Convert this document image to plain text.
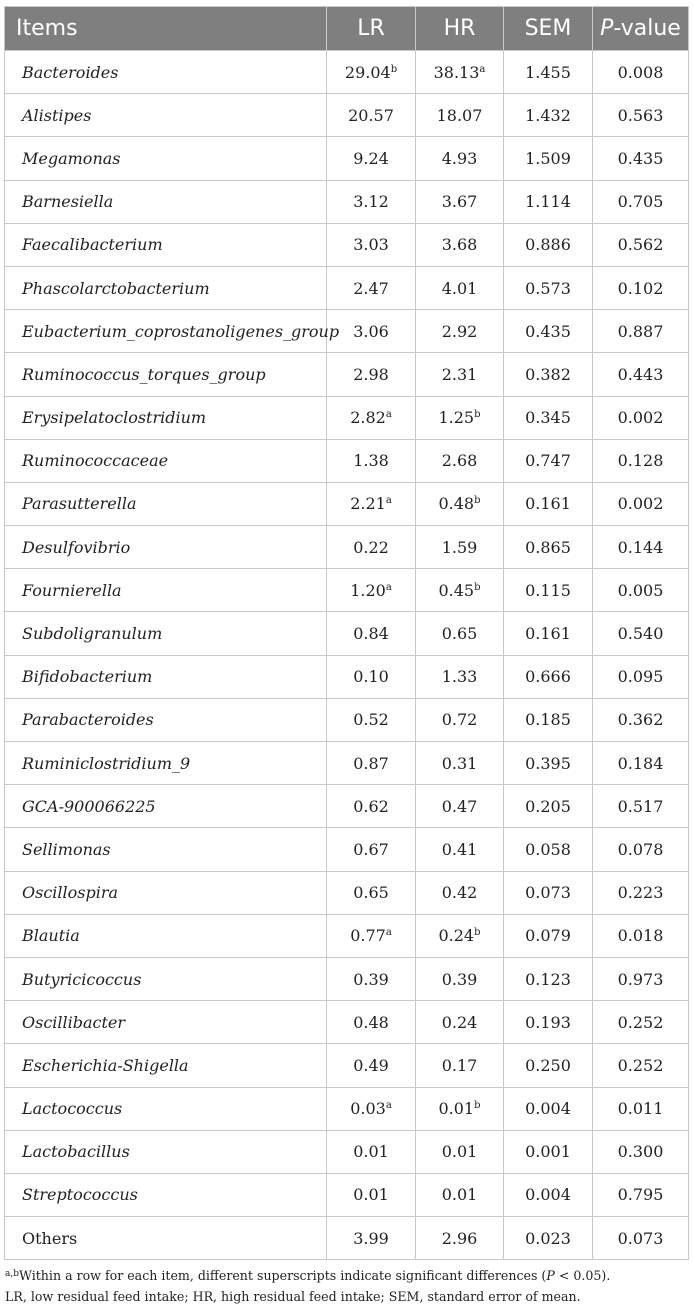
Items	LR	HR	SEM	P-value
Bacteroides	29.04$^b$	38.13$^a$	1.455	0.008
Alistipes	20.57	18.07	1.432	0.563
Megamonas	9.24	4.93	1.509	0.435
Barnesiella	3.12	3.67	1.114	0.705
Faecalibacterium	3.03	3.68	0.886	0.562
Phascolarctobacterium	2.47	4.01	0.573	0.102
Eubacterium_coprostanoligenes_group	3.06	2.92	0.435	0.887
Ruminococcus_torques_group	2.98	2.31	0.382	0.443
Erysipelatoclostridium	2.82$^a$	1.25$^b$	0.345	0.002
Ruminococcaceae	1.38	2.68	0.747	0.128
Parasutterella	2.21$^a$	0.48$^b$	0.161	0.002
Desulfovibrio	0.22	1.59	0.865	0.144
Fournierella	1.20$^a$	0.45$^b$	0.115	0.005
Subdoligranulum	0.84	0.65	0.161	0.540
Bifidobacterium	0.10	1.33	0.666	0.095
Parabacteroides	0.52	0.72	0.185	0.362
Ruminiclostridium_9	0.87	0.31	0.395	0.184
GCA-900066225	0.62	0.47	0.205	0.517
Sellimonas	0.67	0.41	0.058	0.078
Oscillospira	0.65	0.42	0.073	0.223
Blautia	0.77$^a$	0.24$^b$	0.079	0.018
Butyricicoccus	0.39	0.39	0.123	0.973
Oscillibacter	0.48	0.24	0.193	0.252
Escherichia-Shigella	0.49	0.17	0.250	0.252
Lactococcus	0.03$^a$	0.01$^b$	0.004	0.011
Lactobacillus	0.01	0.01	0.001	0.300
Streptococcus	0.01	0.01	0.004	0.795
Others	3.99	2.96	0.023	0.073
$^{a,b}$Within a row for each item, different superscripts indicate significant differences (P < 0.05).
LR, low residual feed intake; HR, high residual feed intake; SEM, standard error of mean.
